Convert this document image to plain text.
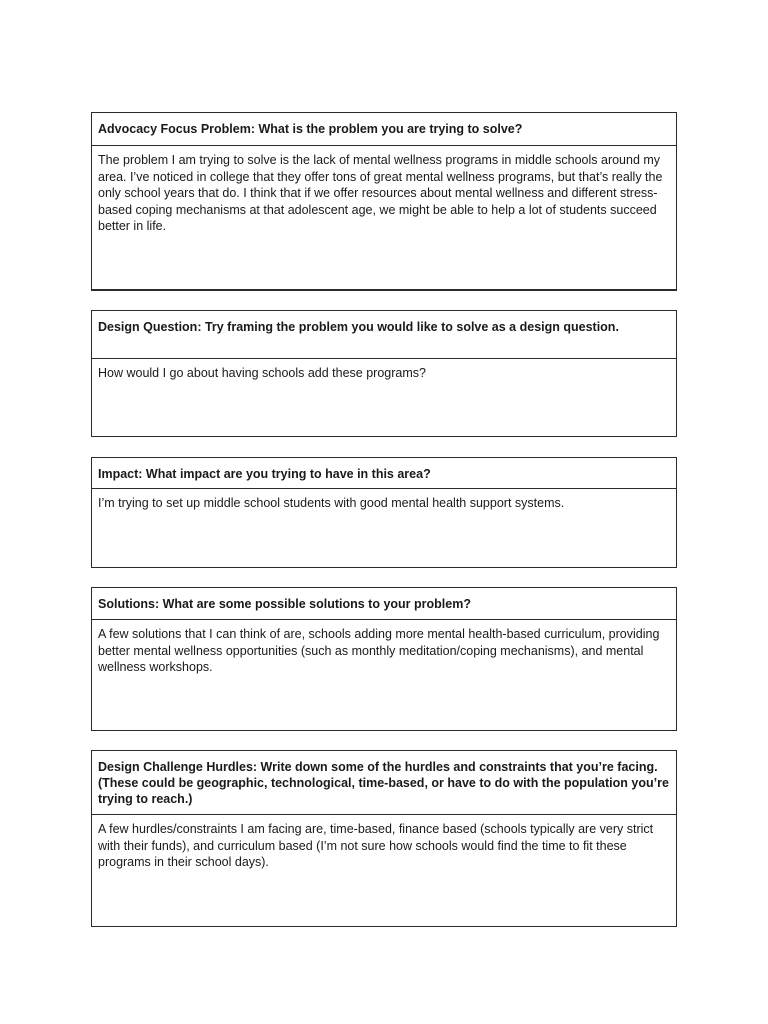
Advocacy Focus Problem: What is the problem you are trying to solve?
The problem I am trying to solve is the lack of mental wellness programs in middle schools around my area. I’ve noticed in college that they offer tons of great mental wellness programs, but that’s really the only school years that do. I think that if we offer resources about mental wellness and different stress-based coping mechanisms at that adolescent age, we might be able to help a lot of students succeed better in life.
Design Question: Try framing the problem you would like to solve as a design question.
How would I go about having schools add these programs?
Impact: What impact are you trying to have in this area?
I’m trying to set up middle school students with good mental health support systems.
Solutions: What are some possible solutions to your problem?
A few solutions that I can think of are, schools adding more mental health-based curriculum, providing better mental wellness opportunities (such as monthly meditation/coping mechanisms), and mental wellness workshops.
Design Challenge Hurdles: Write down some of the hurdles and constraints that you’re facing. (These could be geographic, technological, time-based, or have to do with the population you’re trying to reach.)
A few hurdles/constraints I am facing are, time-based, finance based (schools typically are very strict with their funds), and curriculum based (I’m not sure how schools would find the time to fit these programs in their school days).
